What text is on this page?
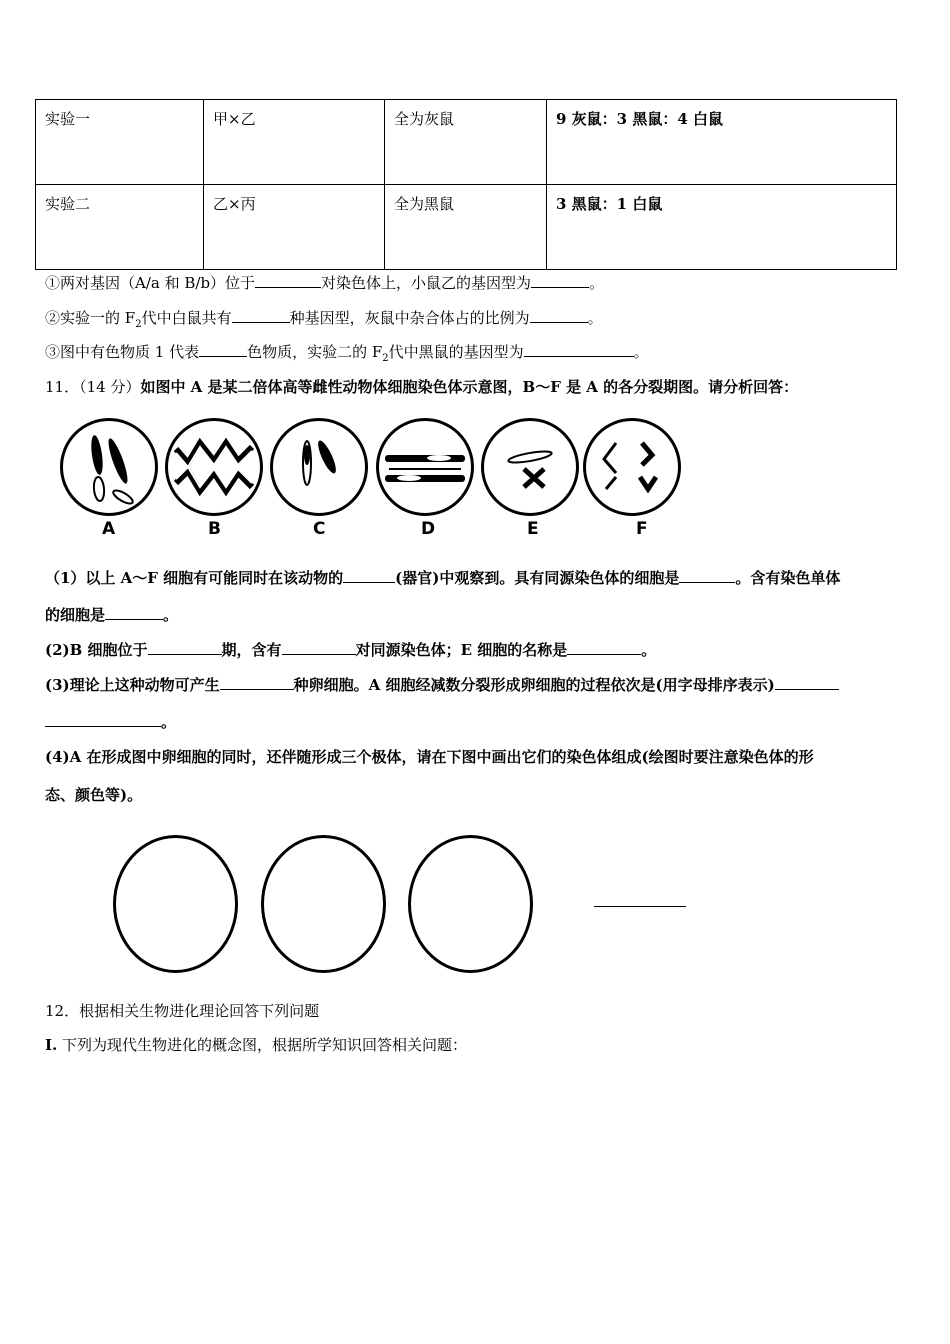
实验一	甲×乙	全为灰鼠	9 灰鼠：3 黑鼠：4 白鼠
实验二	乙×丙	全为黑鼠	3 黑鼠：1 白鼠
①两对基因（A/a 和 B/b）位于	对染色体上，小鼠乙的基因型为	。
②实验一的 $F_2$代中白鼠共有	种基因型，灰鼠中杂合体占的比例为	。
③图中有色物质 1 代表	色物质，实验二的 $F_2$代中黑鼠的基因型为	。
11．（14 分）如图中 A 是某二倍体高等雌性动物体细胞染色体示意图，B～F 是 A 的各分裂期图。请分析回答：
A	B	C	D	E	F
（1）以上 A～F 细胞有可能同时在该动物的	(器官)中观察到。具有同源染色体的细胞是	。含有染色单体
的细胞是	。
(2)B 细胞位于	期，含有	对同源染色体；E 细胞的名称是	。
(3)理论上这种动物可产生	种卵细胞。A 细胞经减数分裂形成卵细胞的过程依次是(用字母排序表示)
。
(4)A 在形成图中卵细胞的同时，还伴随形成三个极体，请在下图中画出它们的染色体组成(绘图时要注意染色体的形
态、颜色等)。
12．根据相关生物进化理论回答下列问题
I. 下列为现代生物进化的概念图，根据所学知识回答相关问题：
